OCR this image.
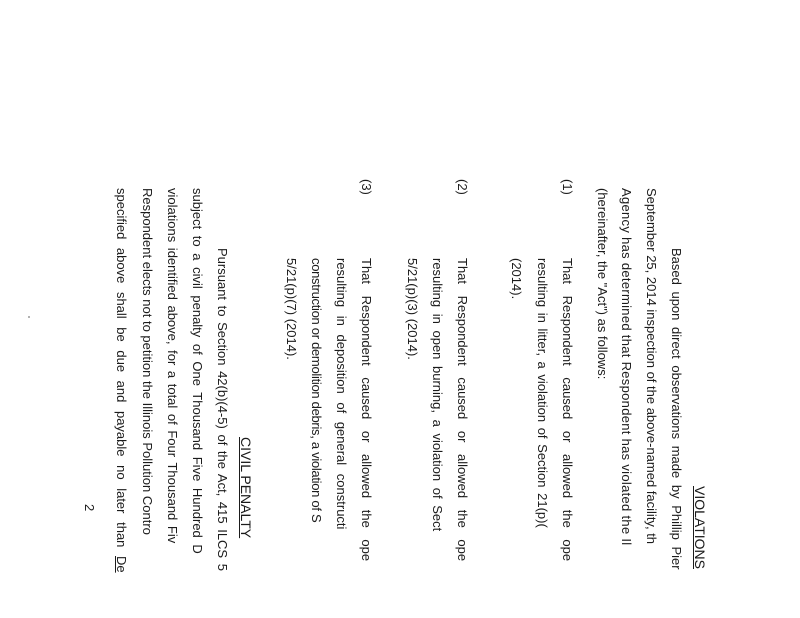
VIOLATIONS
Based upon direct observations made by Phillip Pier
September 25, 2014 inspection of the above-named facility, th
Agency has determined that Respondent has violated the Il
(hereinafter, the "Act") as follows:
(1)
That Respondent caused or allowed the ope
resulting in litter, a violation of Section 21(p)(
(2014).
(2)
That Respondent caused or allowed the ope
resulting in open burning, a violation of Sect
5/21(p)(3) (2014).
(3)
That Respondent caused or allowed the ope
resulting in deposition of general constructi
construction or demolition debris, a violation of S
5/21(p)(7) (2014).
CIVIL PENALTY
Pursuant to Section 42(b)(4-5) of the Act, 415 ILCS 5
subject to a civil penalty of One Thousand Five Hundred D
violations identified above, for a total of Four Thousand Fiv
Respondent elects not to petition the Illinois Pollution Contro
specified above shall be due and payable no later than De
2
